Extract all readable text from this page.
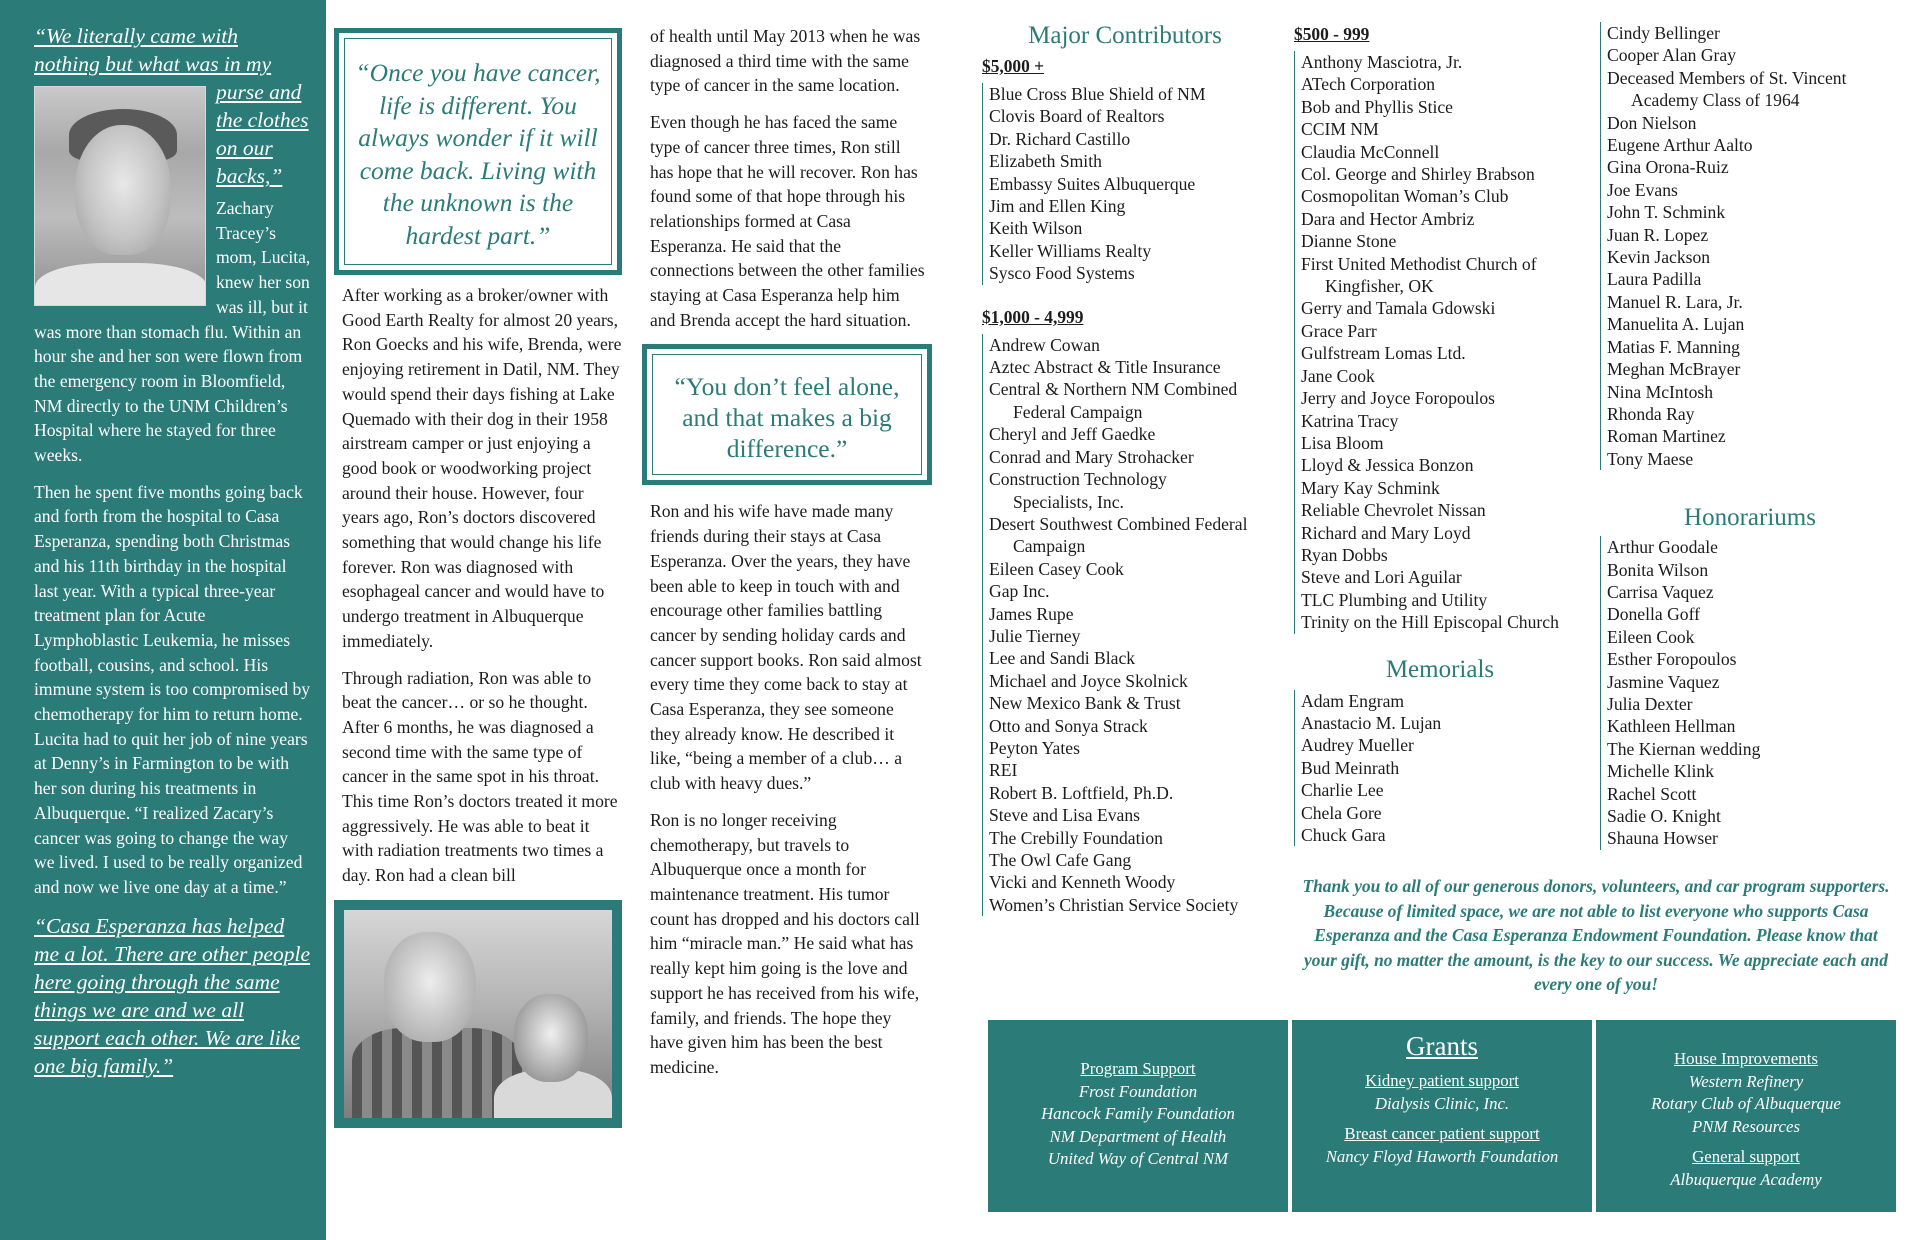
“We literally came with
nothing but what was in my
purse and
the clothes
on our
backs,”

Zachary Tracey’s mom, Lucita, knew her son was ill, but it was more than stomach flu. Within an hour she and her son were flown from the emergency room in Bloomfield, NM directly to the UNM Children’s Hospital where he stayed for three weeks.

Then he spent five months going back and forth from the hospital to Casa Esperanza, spending both Christmas and his 11th birthday in the hospital last year. With a typical three-year treatment plan for Acute Lymphoblastic Leukemia, he misses football, cousins, and school. His immune system is too compromised by chemotherapy for him to return home. Lucita had to quit her job of nine years at Denny’s in Farmington to be with her son during his treatments in Albuquerque. “I realized Zacary’s cancer was going to change the way we lived. I used to be really organized and now we live one day at a time.”

“Casa Esperanza has helped me a lot. There are other people here going through the same things we are and we all support each other. We are like one big family.”
“Once you have cancer, life is different. You always wonder if it will come back. Living with the unknown is the hardest part.”

After working as a broker/owner with Good Earth Realty for almost 20 years, Ron Goecks and his wife, Brenda, were enjoying retirement in Datil, NM. They would spend their days fishing at Lake Quemado with their dog in their 1958 airstream camper or just enjoying a good book or woodworking project around their house. However, four years ago, Ron’s doctors discovered something that would change his life forever. Ron was diagnosed with esophageal cancer and would have to undergo treatment in Albuquerque immediately.

Through radiation, Ron was able to beat the cancer… or so he thought. After 6 months, he was diagnosed a second time with the same type of cancer in the same spot in his throat. This time Ron’s doctors treated it more aggressively. He was able to beat it with radiation treatments two times a day. Ron had a clean bill

of health until May 2013 when he was diagnosed a third time with the same type of cancer in the same location.

Even though he has faced the same type of cancer three times, Ron still has hope that he will recover. Ron has found some of that hope through his relationships formed at Casa Esperanza. He said that the connections between the other families staying at Casa Esperanza help him and Brenda accept the hard situation.

“You don’t feel alone, and that makes a big difference.”

Ron and his wife have made many friends during their stays at Casa Esperanza. Over the years, they have been able to keep in touch with and encourage other families battling cancer by sending holiday cards and cancer support books. Ron said almost every time they come back to stay at Casa Esperanza, they see someone they already know. He described it like, “being a member of a club… a club with heavy dues.”

Ron is no longer receiving chemotherapy, but travels to Albuquerque once a month for maintenance treatment. His tumor count has dropped and his doctors call him “miracle man.” He said what has really kept him going is the love and support he has received from his wife, family, and friends. The hope they have given him has been the best medicine.

Major Contributors
$5,000 +
Blue Cross Blue Shield of NM
Clovis Board of Realtors
Dr. Richard Castillo
Elizabeth Smith
Embassy Suites Albuquerque
Jim and Ellen King
Keith Wilson
Keller Williams Realty
Sysco Food Systems
$1,000 - 4,999
Andrew Cowan
Aztec Abstract & Title Insurance
Central & Northern NM Combined
Federal Campaign
Cheryl and Jeff Gaedke
Conrad and Mary Strohacker
Construction Technology
Specialists, Inc.
Desert Southwest Combined Federal
Campaign
Eileen Casey Cook
Gap Inc.
James Rupe
Julie Tierney
Lee and Sandi Black
Michael and Joyce Skolnick
New Mexico Bank & Trust
Otto and Sonya Strack
Peyton Yates
REI
Robert B. Loftfield, Ph.D.
Steve and Lisa Evans
The Crebilly Foundation
The Owl Cafe Gang
Vicki and Kenneth Woody
Women’s Christian Service Society
$500 - 999
Anthony Masciotra, Jr.
ATech Corporation
Bob and Phyllis Stice
CCIM NM
Claudia McConnell
Col. George and Shirley Brabson
Cosmopolitan Woman’s Club
Dara and Hector Ambriz
Dianne Stone
First United Methodist Church of
Kingfisher, OK
Gerry and Tamala Gdowski
Grace Parr
Gulfstream Lomas Ltd.
Jane Cook
Jerry and Joyce Foropoulos
Katrina Tracy
Lisa Bloom
Lloyd & Jessica Bonzon
Mary Kay Schmink
Reliable Chevrolet Nissan
Richard and Mary Loyd
Ryan Dobbs
Steve and Lori Aguilar
TLC Plumbing and Utility
Trinity on the Hill Episcopal Church
Memorials
Adam Engram
Anastacio M. Lujan
Audrey Mueller
Bud Meinrath
Charlie Lee
Chela Gore
Chuck Gara
Cindy Bellinger
Cooper Alan Gray
Deceased Members of St. Vincent
Academy Class of 1964
Don Nielson
Eugene Arthur Aalto
Gina Orona-Ruiz
Joe Evans
John T. Schmink
Juan R. Lopez
Kevin Jackson
Laura Padilla
Manuel R. Lara, Jr.
Manuelita A. Lujan
Matias F. Manning
Meghan McBrayer
Nina McIntosh
Rhonda Ray
Roman Martinez
Tony Maese
Honorariums
Arthur Goodale
Bonita Wilson
Carrisa Vaquez
Donella Goff
Eileen Cook
Esther Foropoulos
Jasmine Vaquez
Julia Dexter
Kathleen Hellman
The Kiernan wedding
Michelle Klink
Rachel Scott
Sadie O. Knight
Shauna Howser
Thank you to all of our generous donors, volunteers, and car program supporters. Because of limited space, we are not able to list everyone who supports Casa Esperanza and the Casa Esperanza Endowment Foundation. Please know that your gift, no matter the amount, is the key to our success. We appreciate each and every one of you!
Program Support
Frost Foundation
Hancock Family Foundation
NM Department of Health
United Way of Central NM
Grants
Kidney patient support
Dialysis Clinic, Inc.
Breast cancer patient support
Nancy Floyd Haworth Foundation
House Improvements
Western Refinery
Rotary Club of Albuquerque
PNM Resources
General support
Albuquerque Academy
